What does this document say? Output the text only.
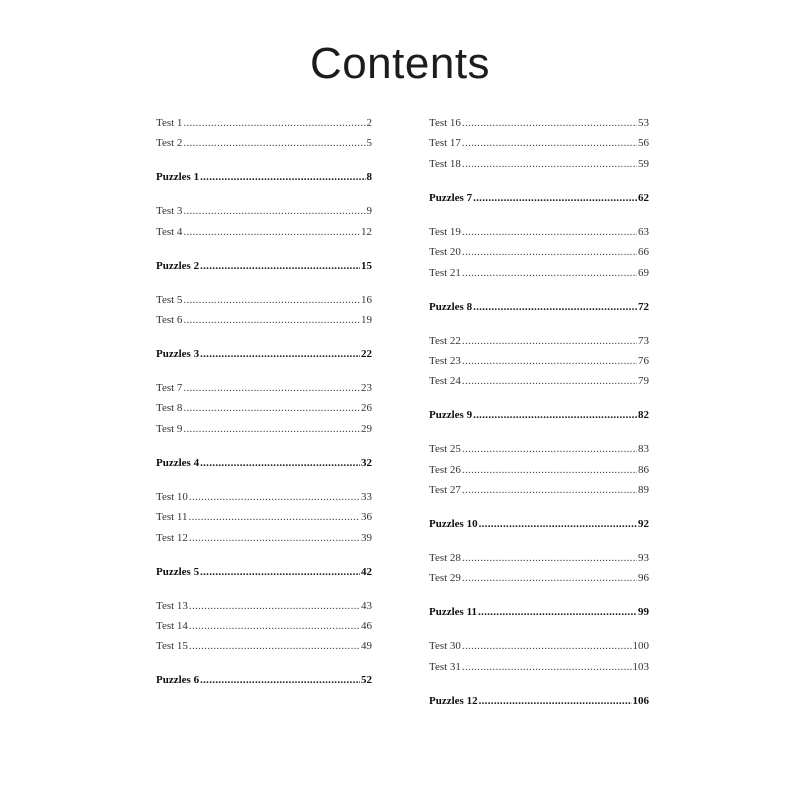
Contents
Test 1 .....	2
Test 2 .....	5
Puzzles 1 .....	8
Test 3 .....	9
Test 4 .....	12
Puzzles 2 .....	15
Test 5 .....	16
Test 6 .....	19
Puzzles 3 .....	22
Test 7 .....	23
Test 8 .....	26
Test 9 .....	29
Puzzles 4 .....	32
Test 10 .....	33
Test 11 .....	36
Test 12 .....	39
Puzzles 5 .....	42
Test 13 .....	43
Test 14 .....	46
Test 15 .....	49
Puzzles 6 .....	52
Test 16 .....	53
Test 17 .....	56
Test 18 .....	59
Puzzles 7 .....	62
Test 19 .....	63
Test 20 .....	66
Test 21 .....	69
Puzzles 8 .....	72
Test 22 .....	73
Test 23 .....	76
Test 24 .....	79
Puzzles 9 .....	82
Test 25 .....	83
Test 26 .....	86
Test 27 .....	89
Puzzles 10 .....	92
Test 28 .....	93
Test 29 .....	96
Puzzles 11 .....	99
Test 30 .....	100
Test 31 .....	103
Puzzles 12 .....	106
